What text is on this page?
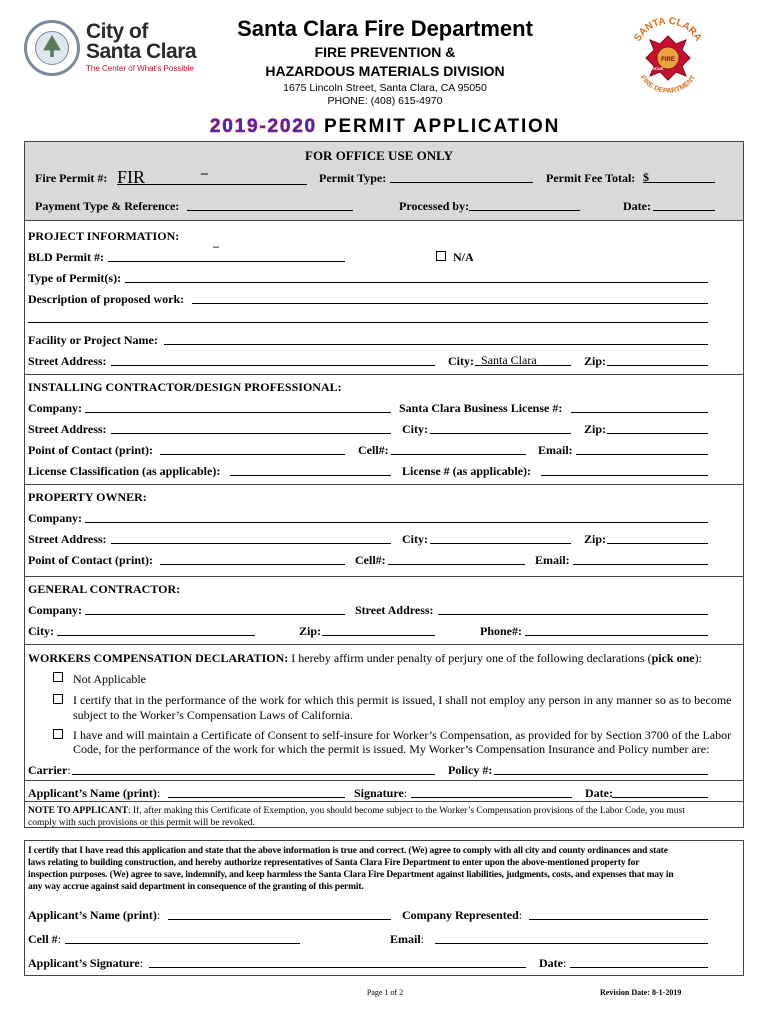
City of
Santa Clara
The Center of What's Possible
Santa Clara Fire Department
FIRE PREVENTION &
HAZARDOUS MATERIALS DIVISION
1675 Lincoln Street, Santa Clara, CA 95050
PHONE: (408) 615-4970
SANTA CLARA
FIRE
RESCUE
FIRE DEPARTMENT
2019-2020 PERMIT APPLICATION
FOR OFFICE USE ONLY
Fire Permit #: FIR	–	Permit Type:	Permit Fee Total: $
Payment Type & Reference:	Processed by:	Date:
PROJECT INFORMATION:
BLD Permit #:
–
N/A
Type of Permit(s):
Description of proposed work:
Facility or Project Name:
Street Address:	City: Santa Clara	Zip:
INSTALLING CONTRACTOR/DESIGN PROFESSIONAL:
Company:	Santa Clara Business License #:
Street Address:	City:	Zip:
Point of Contact (print):	Cell#:	Email:
License Classification (as applicable):	License # (as applicable):
PROPERTY OWNER:
Company:
Street Address:	City:	Zip:
Point of Contact (print):	Cell#:	Email:
GENERAL CONTRACTOR:
Company:	Street Address:
City:	Zip:	Phone#:
WORKERS COMPENSATION DECLARATION: I hereby affirm under penalty of perjury one of the following declarations (pick one):
Not Applicable
I certify that in the performance of the work for which this permit is issued, I shall not employ any person in any manner so as to become
subject to the Worker’s Compensation Laws of California.
I have and will maintain a Certificate of Consent to self-insure for Worker’s Compensation, as provided for by Section 3700 of the Labor
Code, for the performance of the work for which the permit is issued. My Worker’s Compensation Insurance and Policy number are:
Carrier:	Policy #:
Applicant’s Name (print):	Signature:	Date:
NOTE TO APPLICANT: If, after making this Certificate of Exemption, you should become subject to the Worker’s Compensation provisions of the Labor Code, you must
comply with such provisions or this permit will be revoked.
I certify that I have read this application and state that the above information is true and correct. (We) agree to comply with all city and county ordinances and state
laws relating to building construction, and hereby authorize representatives of Santa Clara Fire Department to enter upon the above-mentioned property for
inspection purposes. (We) agree to save, indemnify, and keep harmless the Santa Clara Fire Department against liabilities, judgments, costs, and expenses that may in
any way accrue against said department in consequence of the granting of this permit.
Applicant’s Name (print):	Company Represented:
Cell #:	Email:
Applicant’s Signature:	Date:
Page 1 of 2	Revision Date: 8-1-2019
